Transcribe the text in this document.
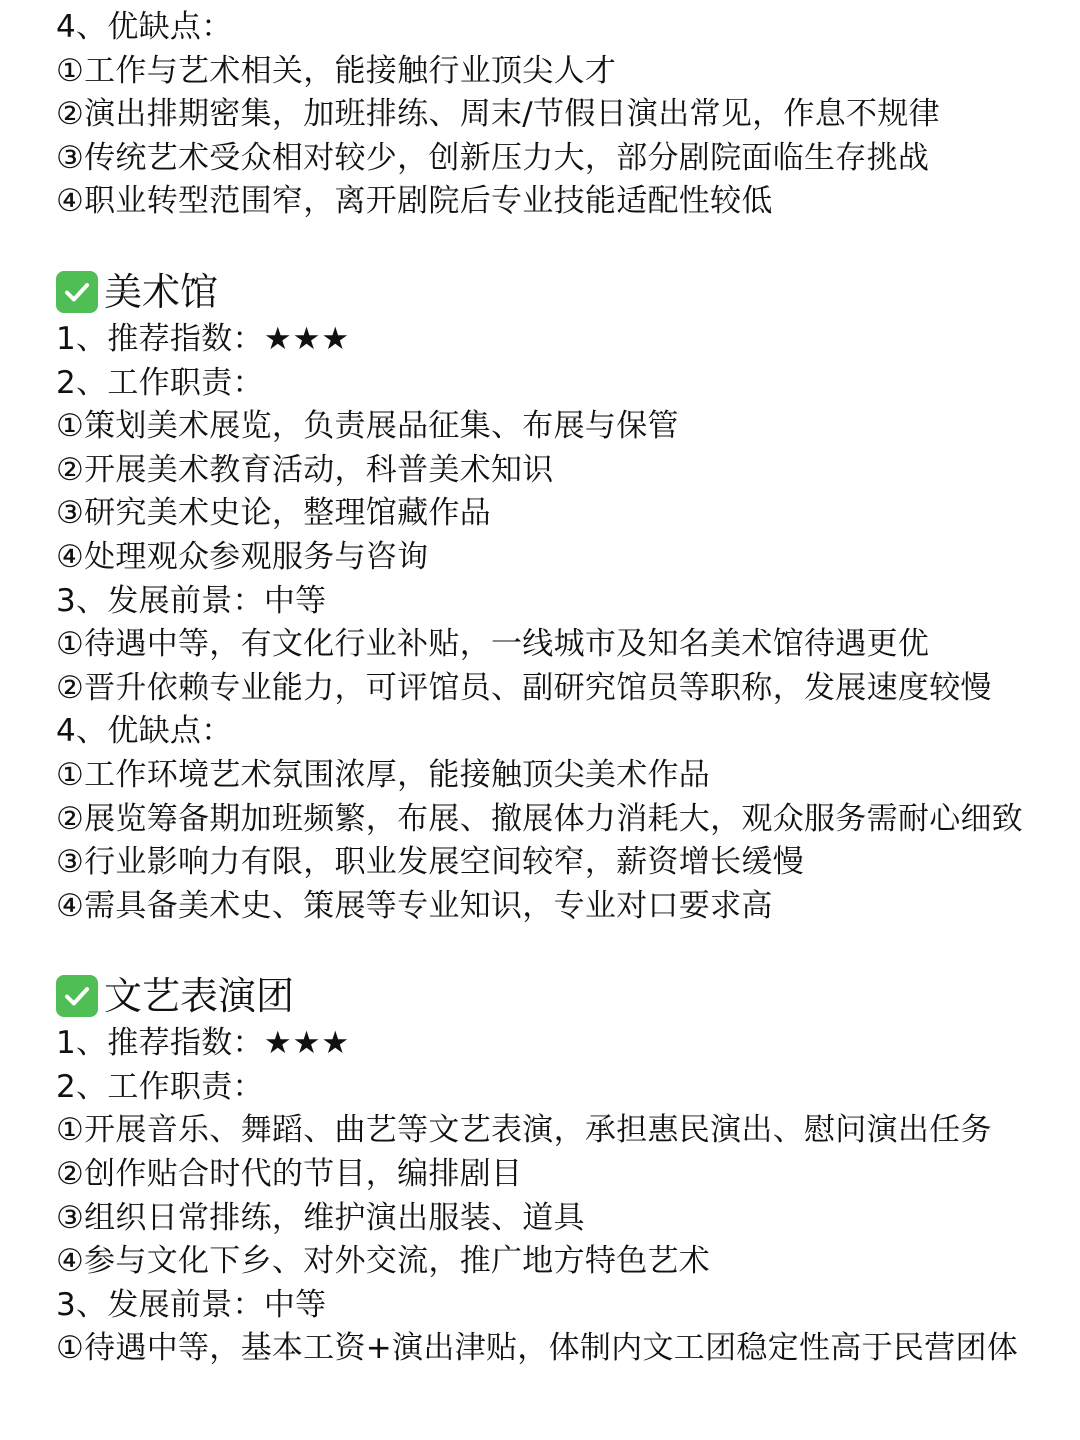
4、优缺点：
①工作与艺术相关，能接触行业顶尖人才
②演出排期密集，加班排练、周末/节假日演出常见，作息不规律
③传统艺术受众相对较少，创新压力大，部分剧院面临生存挑战
④职业转型范围窄，离开剧院后专业技能适配性较低
美术馆
1、推荐指数：★★★
2、工作职责：
①策划美术展览，负责展品征集、布展与保管
②开展美术教育活动，科普美术知识
③研究美术史论，整理馆藏作品
④处理观众参观服务与咨询
3、发展前景：中等
①待遇中等，有文化行业补贴，一线城市及知名美术馆待遇更优
②晋升依赖专业能力，可评馆员、副研究馆员等职称，发展速度较慢
4、优缺点：
①工作环境艺术氛围浓厚，能接触顶尖美术作品
②展览筹备期加班频繁，布展、撤展体力消耗大，观众服务需耐心细致
③行业影响力有限，职业发展空间较窄，薪资增长缓慢
④需具备美术史、策展等专业知识，专业对口要求高
文艺表演团
1、推荐指数：★★★
2、工作职责：
①开展音乐、舞蹈、曲艺等文艺表演，承担惠民演出、慰问演出任务
②创作贴合时代的节目，编排剧目
③组织日常排练，维护演出服装、道具
④参与文化下乡、对外交流，推广地方特色艺术
3、发展前景：中等
①待遇中等，基本工资+演出津贴，体制内文工团稳定性高于民营团体
